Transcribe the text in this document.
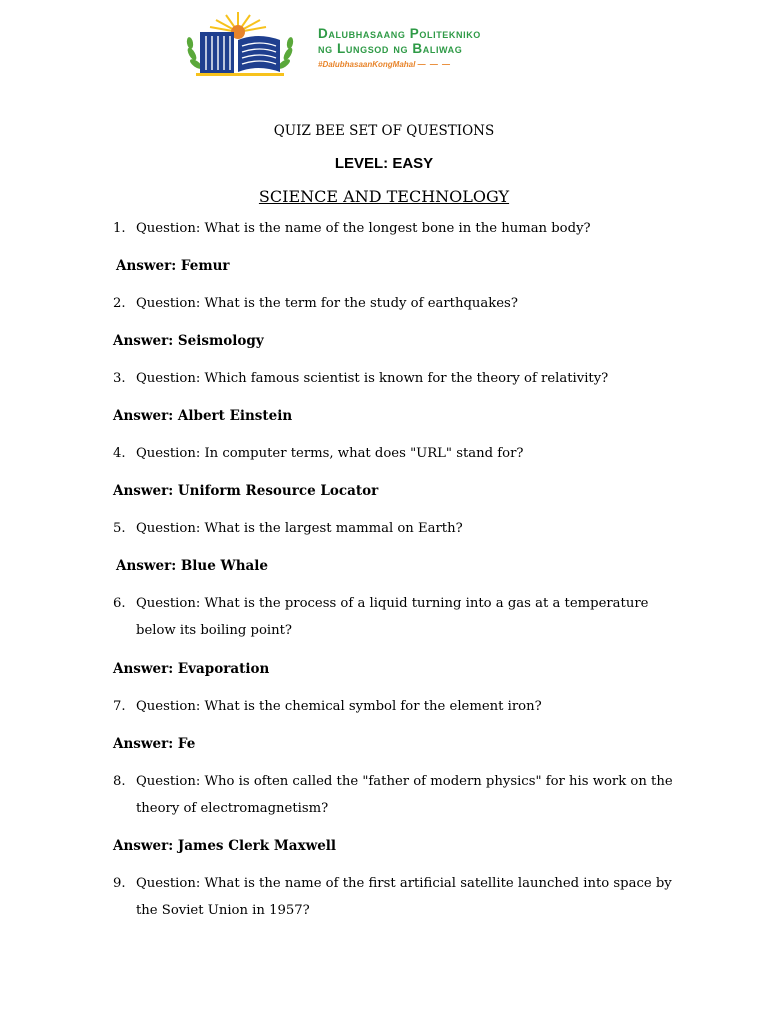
Dalubhasaang Politekniko
ng Lungsod ng Baliwag
#DalubhasaanKongMahal — — —
QUIZ BEE SET OF QUESTIONS
LEVEL: EASY
SCIENCE AND TECHNOLOGY
1. Question: What is the name of the longest bone in the human body?
Answer: Femur
2. Question: What is the term for the study of earthquakes?
Answer: Seismology
3. Question: Which famous scientist is known for the theory of relativity?
Answer: Albert Einstein
4. Question: In computer terms, what does "URL" stand for?
Answer: Uniform Resource Locator
5. Question: What is the largest mammal on Earth?
Answer: Blue Whale
6. Question: What is the process of a liquid turning into a gas at a temperature below its boiling point?
Answer: Evaporation
7. Question: What is the chemical symbol for the element iron?
Answer: Fe
8. Question: Who is often called the "father of modern physics" for his work on the theory of electromagnetism?
Answer: James Clerk Maxwell
9. Question: What is the name of the first artificial satellite launched into space by the Soviet Union in 1957?
